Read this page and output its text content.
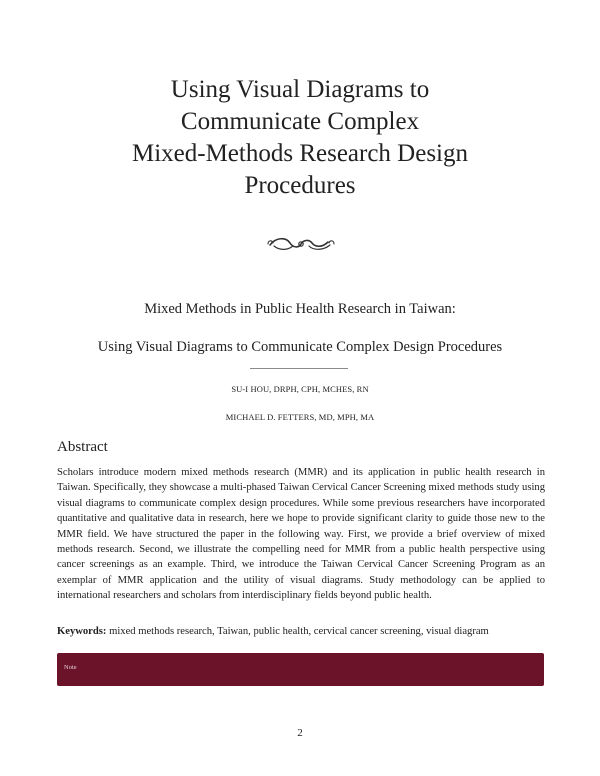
Using Visual Diagrams to
Communicate Complex
Mixed-Methods Research Design
Procedures
Mixed Methods in Public Health Research in Taiwan:
Using Visual Diagrams to Communicate Complex Design Procedures
SU-I HOU, DRPH, CPH, MCHES, RN
MICHAEL D. FETTERS, MD, MPH, MA
Abstract
Scholars introduce modern mixed methods research (MMR) and its application in public health research in Taiwan. Specifically, they showcase a multi-phased Taiwan Cervical Cancer Screening mixed methods study using visual diagrams to communicate complex design procedures. While some previous researchers have incorporated quantitative and qualitative data in research, here we hope to provide significant clarity to guide those new to the MMR field. We have structured the paper in the following way. First, we provide a brief overview of mixed methods research. Second, we illustrate the compelling need for MMR from a public health perspective using cancer screenings as an example. Third, we introduce the Taiwan Cervical Cancer Screening Program as an exemplar of MMR application and the utility of visual diagrams. Study methodology can be applied to international researchers and scholars from interdisciplinary fields beyond public health.
Keywords: mixed methods research, Taiwan, public health, cervical cancer screening, visual diagram
Note
2
